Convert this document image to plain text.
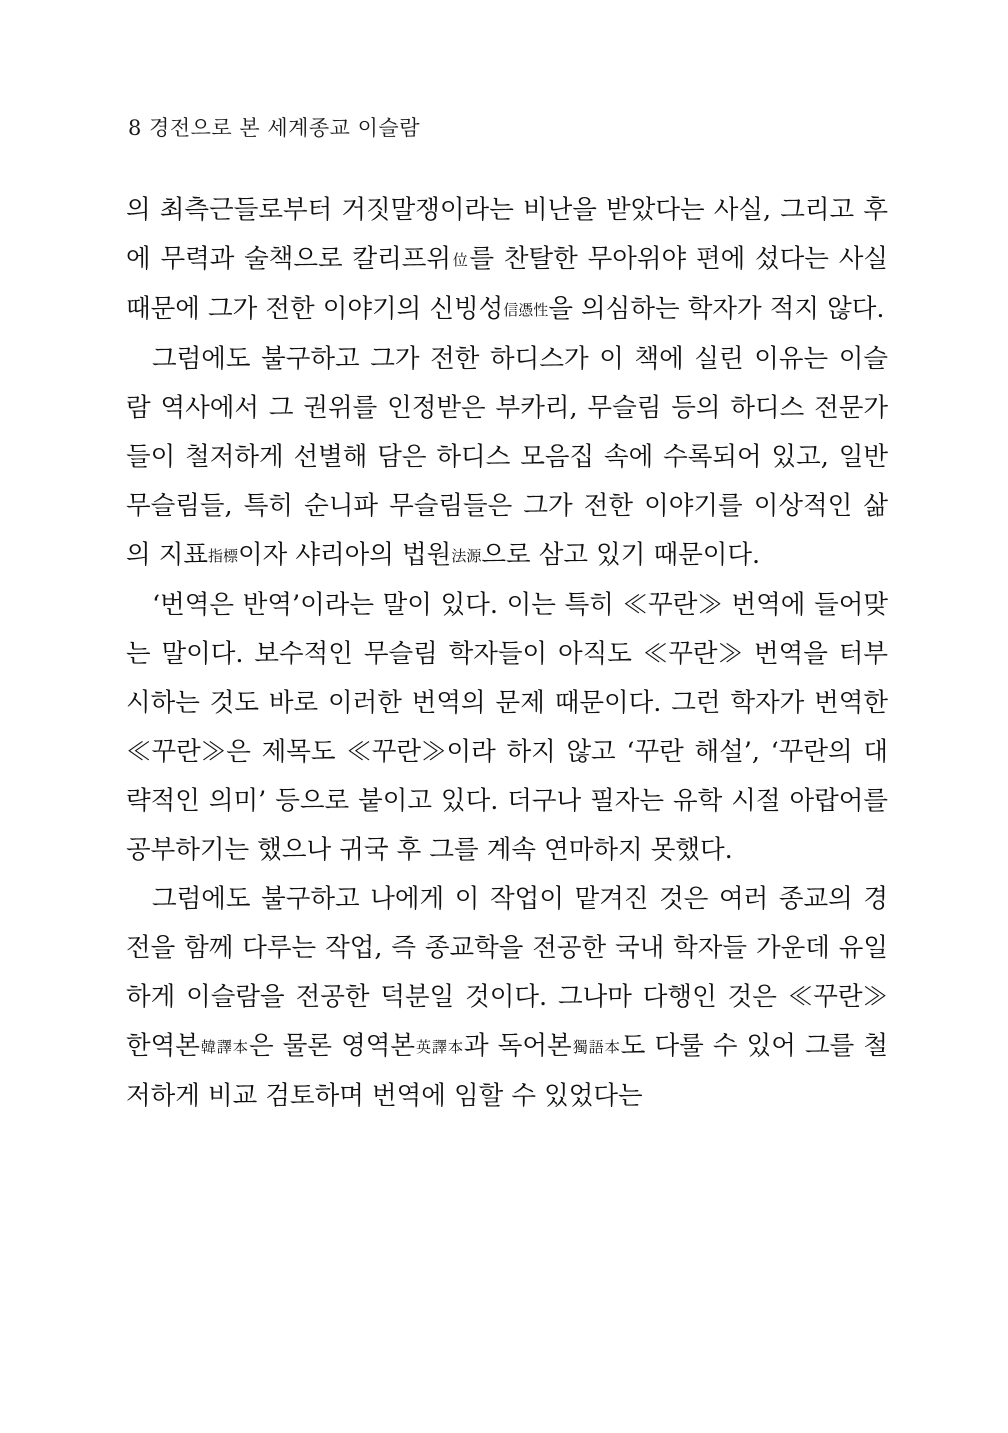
8 경전으로 본 세계종교 이슬람
의 최측근들로부터 거짓말쟁이라는 비난을 받았다는 사실, 그리고 후에 무력과 술책으로 칼리프위位를 찬탈한 무아위야 편에 섰다는 사실 때문에 그가 전한 이야기의 신빙성信憑性을 의심하는 학자가 적지 않다.
그럼에도 불구하고 그가 전한 하디스가 이 책에 실린 이유는 이슬람 역사에서 그 권위를 인정받은 부카리, 무슬림 등의 하디스 전문가들이 철저하게 선별해 담은 하디스 모음집 속에 수록되어 있고, 일반 무슬림들, 특히 순니파 무슬림들은 그가 전한 이야기를 이상적인 삶의 지표指標이자 샤리아의 법원法源으로 삼고 있기 때문이다.
‘번역은 반역’이라는 말이 있다. 이는 특히 ≪꾸란≫ 번역에 들어맞는 말이다. 보수적인 무슬림 학자들이 아직도 ≪꾸란≫ 번역을 터부시하는 것도 바로 이러한 번역의 문제 때문이다. 그런 학자가 번역한 ≪꾸란≫은 제목도 ≪꾸란≫이라 하지 않고 ‘꾸란 해설’, ‘꾸란의 대략적인 의미’ 등으로 붙이고 있다. 더구나 필자는 유학 시절 아랍어를 공부하기는 했으나 귀국 후 그를 계속 연마하지 못했다.
그럼에도 불구하고 나에게 이 작업이 맡겨진 것은 여러 종교의 경전을 함께 다루는 작업, 즉 종교학을 전공한 국내 학자들 가운데 유일하게 이슬람을 전공한 덕분일 것이다. 그나마 다행인 것은 ≪꾸란≫ 한역본韓譯本은 물론 영역본英譯本과 독어본獨語本도 다룰 수 있어 그를 철저하게 비교 검토하며 번역에 임할 수 있었다는
